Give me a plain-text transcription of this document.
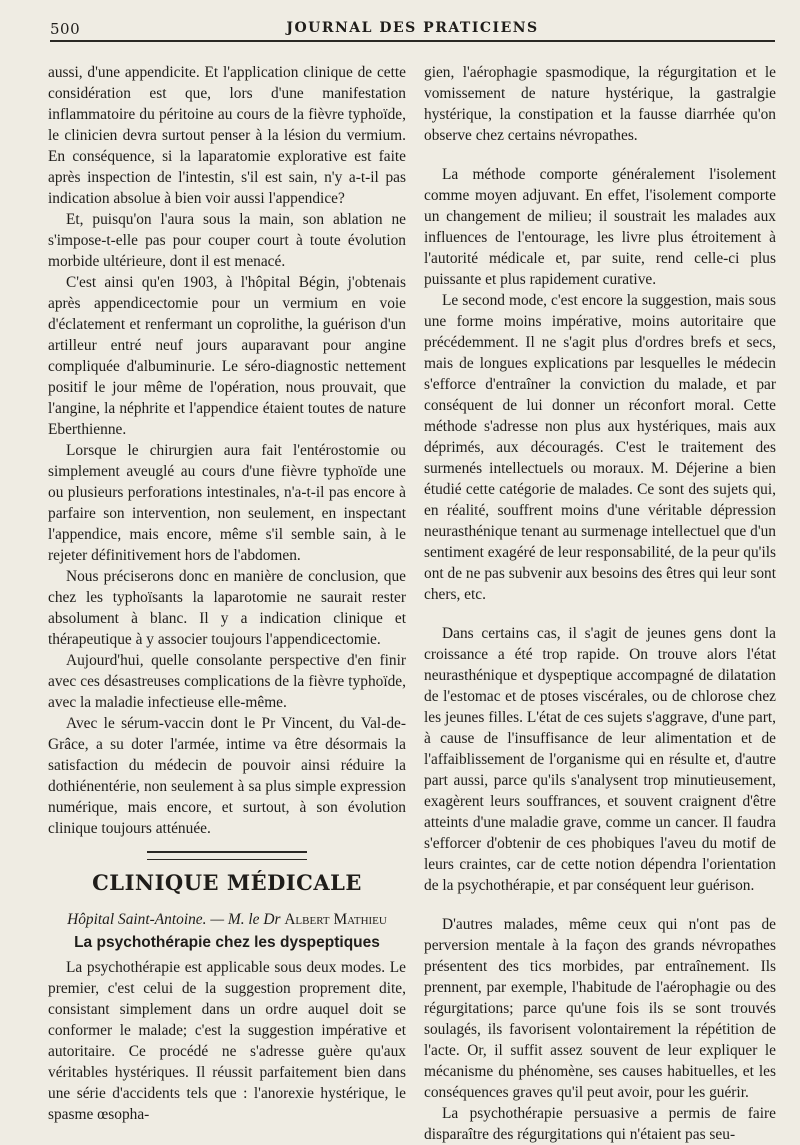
500	JOURNAL DES PRATICIENS

aussi, d'une appendicite. Et l'application clinique de cette considération est que, lors d'une manifestation inflammatoire du péritoine au cours de la fièvre typhoïde, le clinicien devra surtout penser à la lésion du vermium. En conséquence, si la laparatomie explorative est faite après inspection de l'intestin, s'il est sain, n'y a-t-il pas indication absolue à bien voir aussi l'appendice?

Et, puisqu'on l'aura sous la main, son ablation ne s'impose-t-elle pas pour couper court à toute évolution morbide ultérieure, dont il est menacé.

C'est ainsi qu'en 1903, à l'hôpital Bégin, j'obtenais après appendicectomie pour un vermium en voie d'éclatement et renfermant un coprolithe, la guérison d'un artilleur entré neuf jours auparavant pour angine compliquée d'albuminurie. Le séro-diagnostic nettement positif le jour même de l'opération, nous prouvait, que l'angine, la néphrite et l'appendice étaient toutes de nature Eberthienne.

Lorsque le chirurgien aura fait l'entérostomie ou simplement aveuglé au cours d'une fièvre typhoïde une ou plusieurs perforations intestinales, n'a-t-il pas encore à parfaire son intervention, non seulement, en inspectant l'appendice, mais encore, même s'il semble sain, à le rejeter définitivement hors de l'abdomen.

Nous préciserons donc en manière de conclusion, que chez les typhoïsants la laparotomie ne saurait rester absolument à blanc. Il y a indication clinique et thérapeutique à y associer toujours l'appendicectomie.

Aujourd'hui, quelle consolante perspective d'en finir avec ces désastreuses complications de la fièvre typhoïde, avec la maladie infectieuse elle-même.

Avec le sérum-vaccin dont le Pr Vincent, du Val-de-Grâce, a su doter l'armée, intime va être désormais la satisfaction du médecin de pouvoir ainsi réduire la dothiénentérie, non seulement à sa plus simple expression numérique, mais encore, et surtout, à son évolution clinique toujours atténuée.

CLINIQUE MÉDICALE

Hôpital Saint-Antoine. — M. le Dr Albert Mathieu

La psychothérapie chez les dyspeptiques

La psychothérapie est applicable sous deux modes. Le premier, c'est celui de la suggestion proprement dite, consistant simplement dans un ordre auquel doit se conformer le malade; c'est la suggestion impérative et autoritaire. Ce procédé ne s'adresse guère qu'aux véritables hystériques. Il réussit parfaitement bien dans une série d'accidents tels que : l'anorexie hystérique, le spasme œsopha-

gien, l'aérophagie spasmodique, la régurgitation et le vomissement de nature hystérique, la gastralgie hystérique, la constipation et la fausse diarrhée qu'on observe chez certains névropathes.

La méthode comporte généralement l'isolement comme moyen adjuvant. En effet, l'isolement comporte un changement de milieu; il soustrait les malades aux influences de l'entourage, les livre plus étroitement à l'autorité médicale et, par suite, rend celle-ci plus puissante et plus rapidement curative.

Le second mode, c'est encore la suggestion, mais sous une forme moins impérative, moins autoritaire que précédemment. Il ne s'agit plus d'ordres brefs et secs, mais de longues explications par lesquelles le médecin s'efforce d'entraîner la conviction du malade, et par conséquent de lui donner un réconfort moral. Cette méthode s'adresse non plus aux hystériques, mais aux déprimés, aux découragés. C'est le traitement des surmenés intellectuels ou moraux. M. Déjerine a bien étudié cette catégorie de malades. Ce sont des sujets qui, en réalité, souffrent moins d'une véritable dépression neurasthénique tenant au surmenage intellectuel que d'un sentiment exagéré de leur responsabilité, de la peur qu'ils ont de ne pas subvenir aux besoins des êtres qui leur sont chers, etc.

Dans certains cas, il s'agit de jeunes gens dont la croissance a été trop rapide. On trouve alors l'état neurasthénique et dyspeptique accompagné de dilatation de l'estomac et de ptoses viscérales, ou de chlorose chez les jeunes filles. L'état de ces sujets s'aggrave, d'une part, à cause de l'insuffisance de leur alimentation et de l'affaiblissement de l'organisme qui en résulte et, d'autre part aussi, parce qu'ils s'analysent trop minutieusement, exagèrent leurs souffrances, et souvent craignent d'être atteints d'une maladie grave, comme un cancer. Il faudra s'efforcer d'obtenir de ces phobiques l'aveu du motif de leurs craintes, car de cette notion dépendra l'orientation de la psychothérapie, et par conséquent leur guérison.

D'autres malades, même ceux qui n'ont pas de perversion mentale à la façon des grands névropathes présentent des tics morbides, par entraînement. Ils prennent, par exemple, l'habitude de l'aérophagie ou des régurgitations; parce qu'une fois ils se sont trouvés soulagés, ils favorisent volontairement la répétition de l'acte. Or, il suffit assez souvent de leur expliquer le mécanisme du phénomène, ses causes habituelles, et les conséquences graves qu'il peut avoir, pour les guérir.

La psychothérapie persuasive a permis de faire disparaître des régurgitations qui n'étaient pas seu-
